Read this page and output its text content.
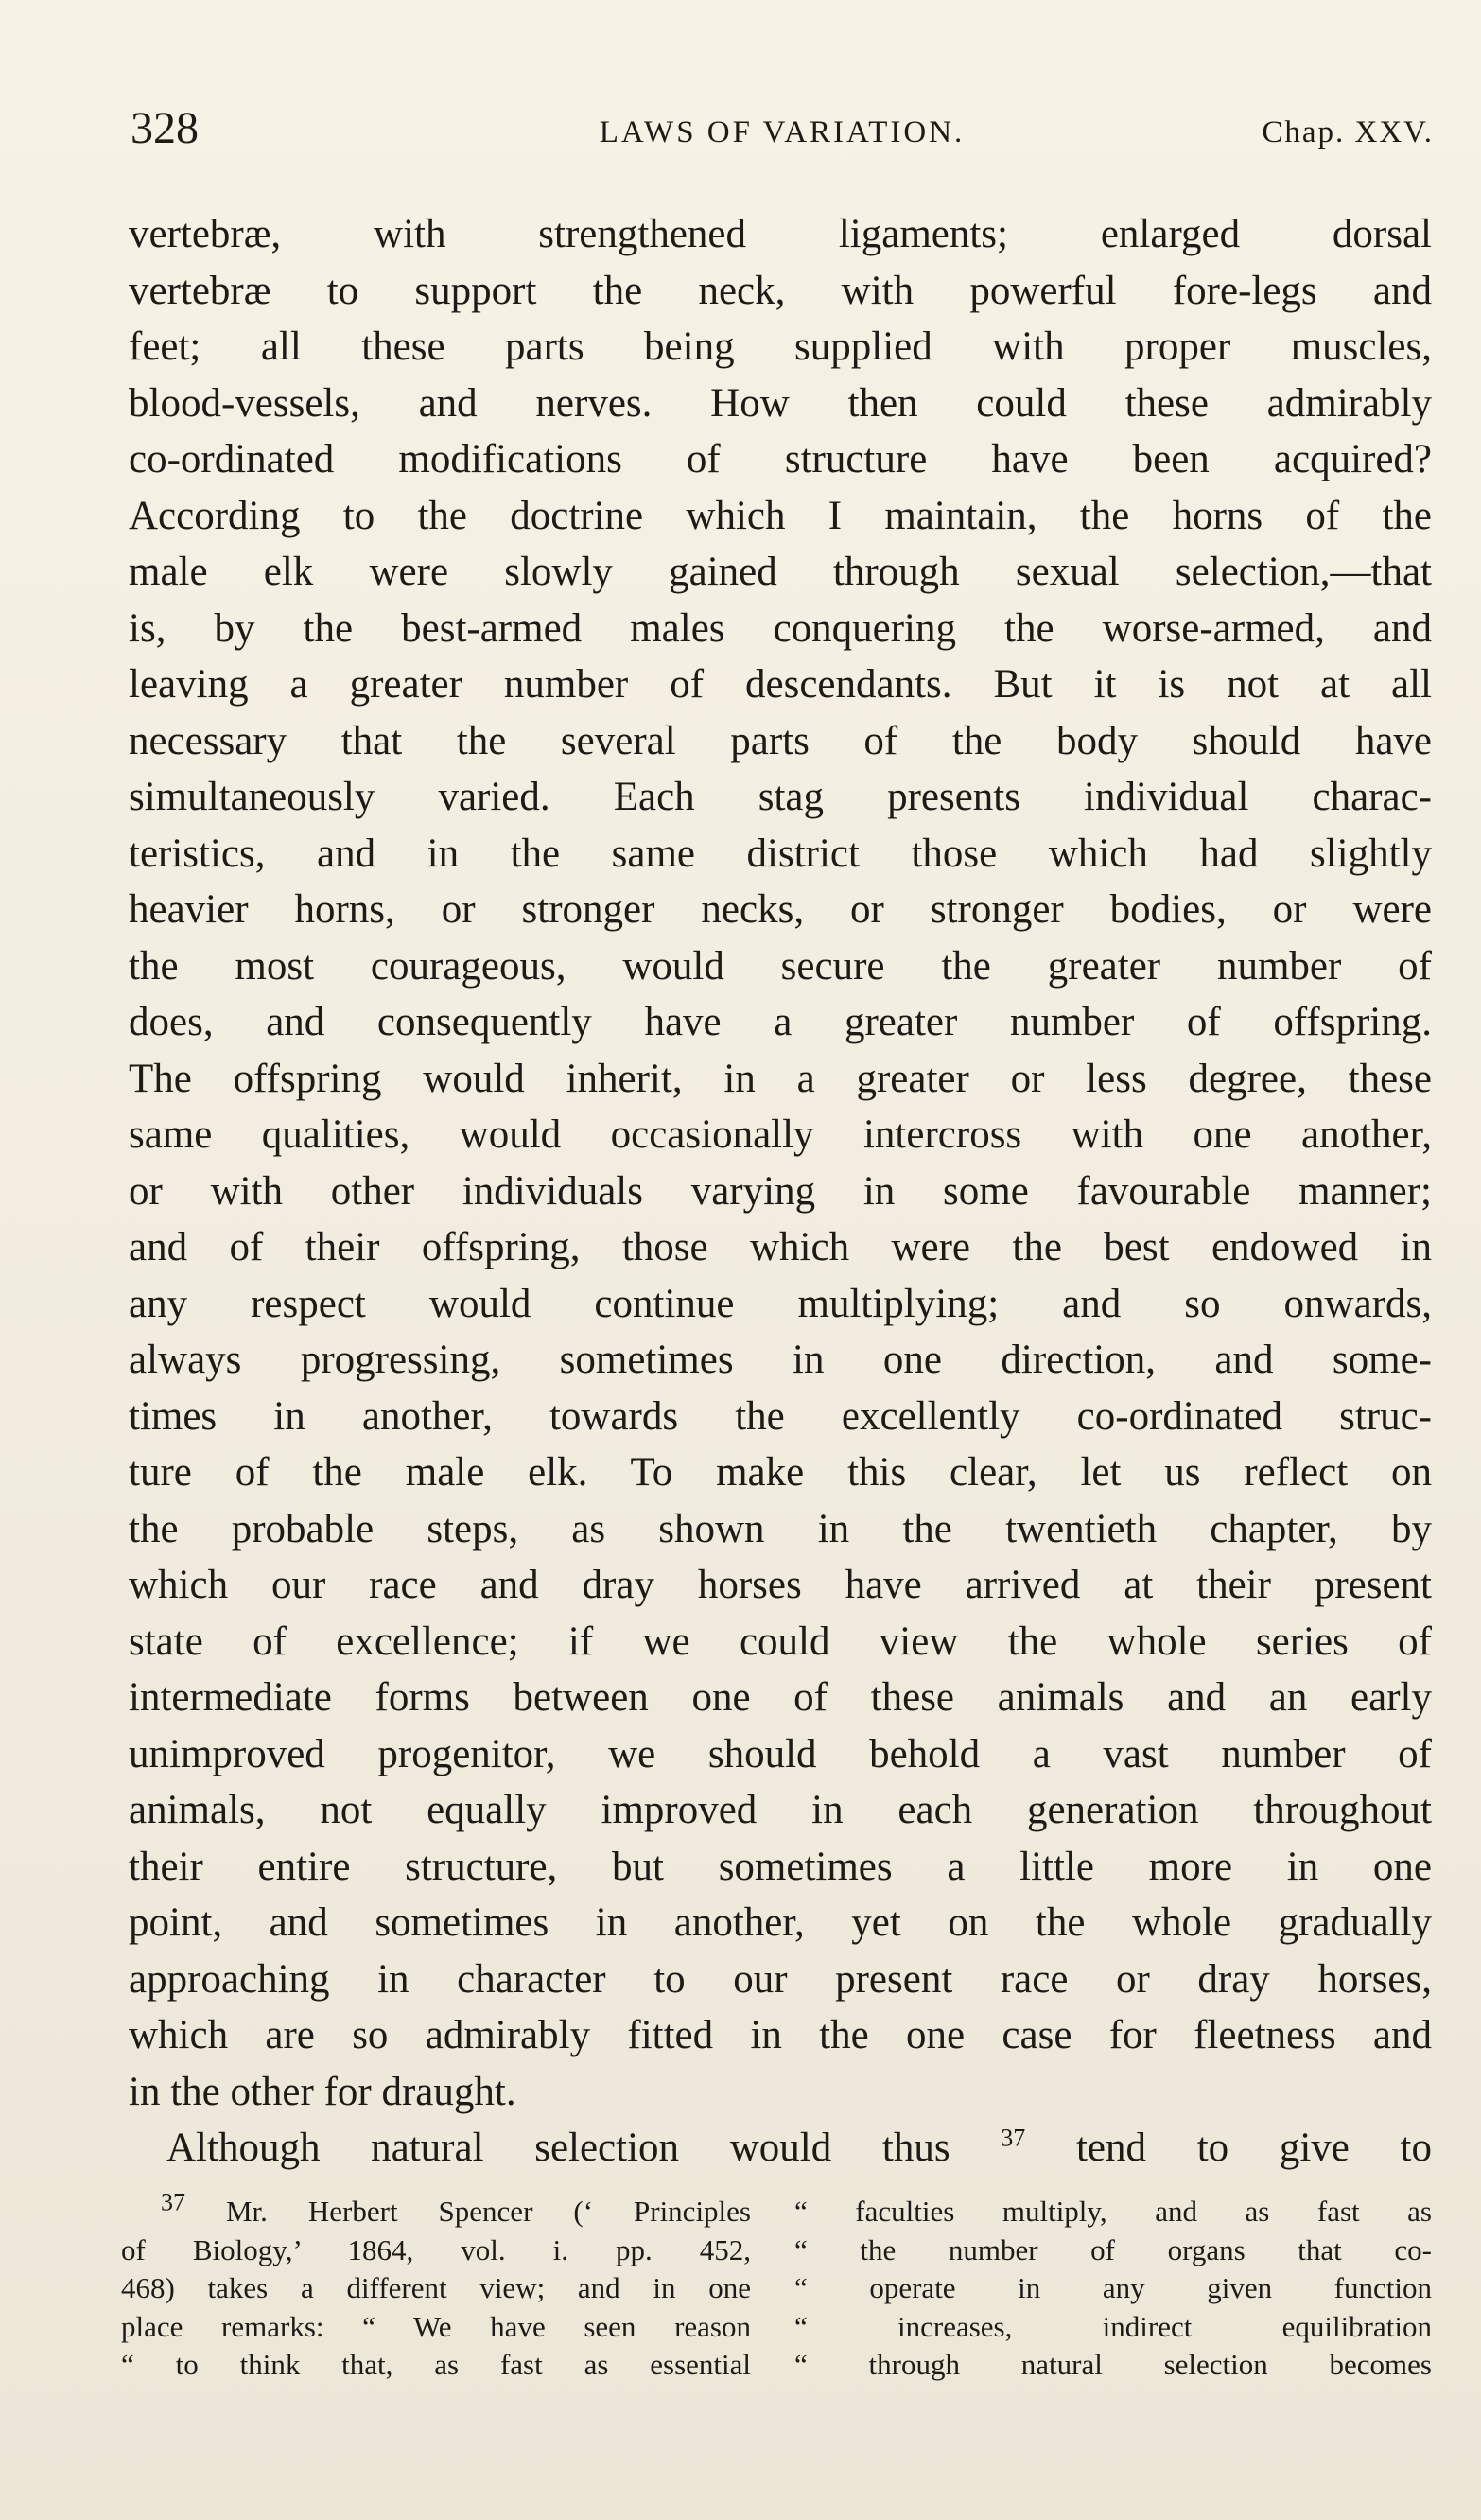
328	LAWS OF VARIATION.	Chap. XXV.
vertebræ, with strengthened ligaments; enlarged dorsal
vertebræ to support the neck, with powerful fore-legs and
feet; all these parts being supplied with proper muscles,
blood-vessels, and nerves. How then could these admirably
co-ordinated modifications of structure have been acquired?
According to the doctrine which I maintain, the horns of the
male elk were slowly gained through sexual selection,—that
is, by the best-armed males conquering the worse-armed, and
leaving a greater number of descendants. But it is not at all
necessary that the several parts of the body should have
simultaneously varied. Each stag presents individual charac-
teristics, and in the same district those which had slightly
heavier horns, or stronger necks, or stronger bodies, or were
the most courageous, would secure the greater number of
does, and consequently have a greater number of offspring.
The offspring would inherit, in a greater or less degree, these
same qualities, would occasionally intercross with one another,
or with other individuals varying in some favourable manner;
and of their offspring, those which were the best endowed in
any respect would continue multiplying; and so onwards,
always progressing, sometimes in one direction, and some-
times in another, towards the excellently co-ordinated struc-
ture of the male elk. To make this clear, let us reflect on
the probable steps, as shown in the twentieth chapter, by
which our race and dray horses have arrived at their present
state of excellence; if we could view the whole series of
intermediate forms between one of these animals and an early
unimproved progenitor, we should behold a vast number of
animals, not equally improved in each generation throughout
their entire structure, but sometimes a little more in one
point, and sometimes in another, yet on the whole gradually
approaching in character to our present race or dray horses,
which are so admirably fitted in the one case for fleetness and
in the other for draught.
Although natural selection would thus $^{37}$ tend to give to
$^{37}$ Mr. Herbert Spencer (‘ Principles
of Biology,’ 1864, vol. i. pp. 452,
468) takes a different view; and in one
place remarks: “ We have seen reason
“ to think that, as fast as essential
“ faculties multiply, and as fast as
“ the number of organs that co-
“ operate in any given function
“ increases, indirect equilibration
“ through natural selection becomes
